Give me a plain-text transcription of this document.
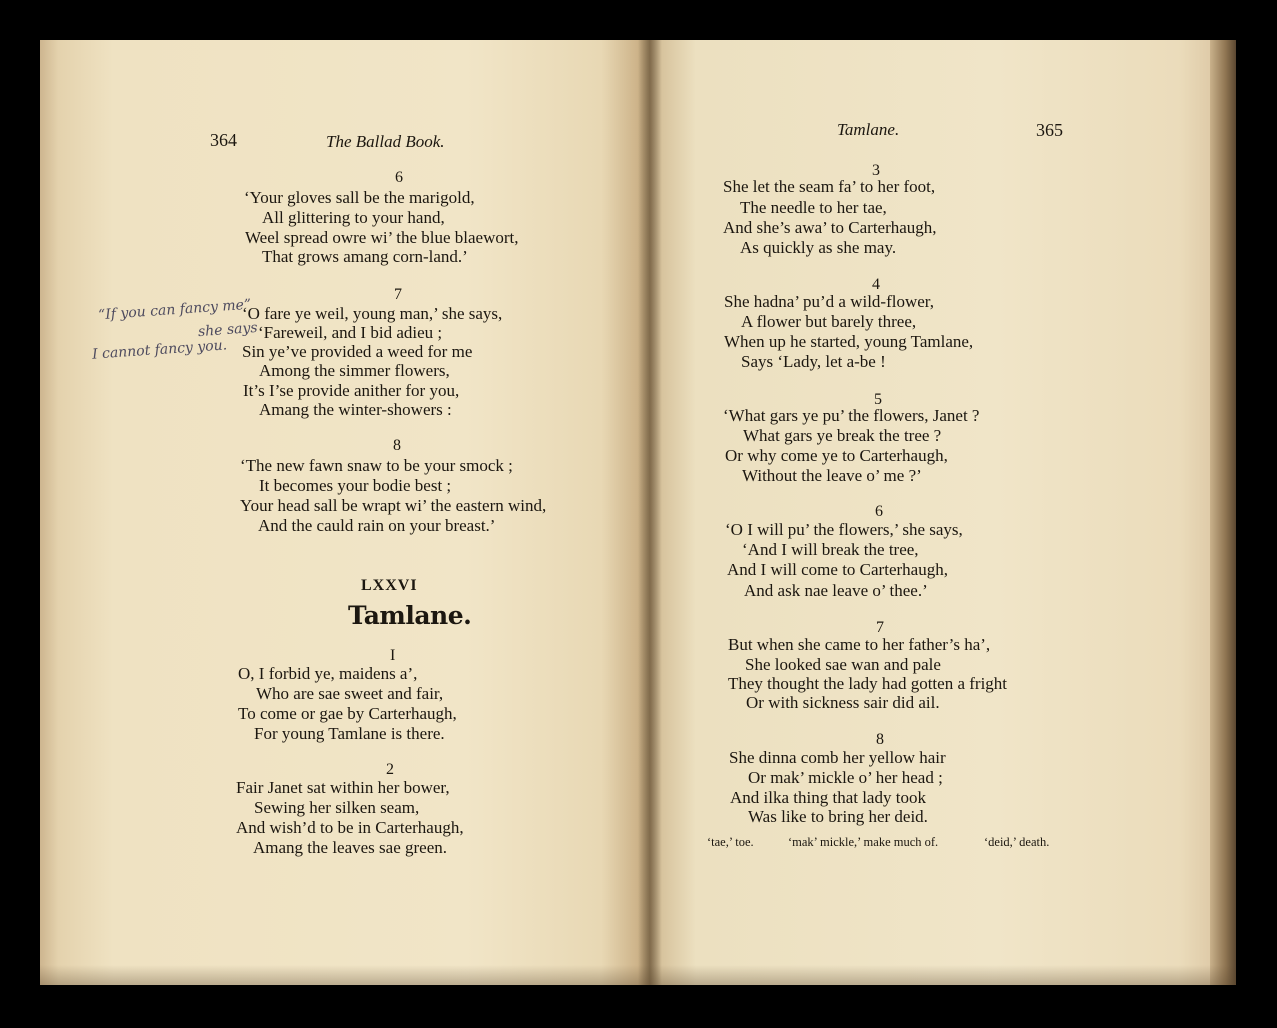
364	The Ballad Book.
6
‘Your gloves sall be the marigold,
All glittering to your hand,
Weel spread owre wi’ the blue blaewort,
That grows amang corn-land.’
7
‘O fare ye weil, young man,’ she says,
‘Fareweil, and I bid adieu ;
Sin ye’ve provided a weed for me
Among the simmer flowers,
It’s I’se provide anither for you,
Amang the winter-showers :
8
‘The new fawn snaw to be your smock ;
It becomes your bodie best ;
Your head sall be wrapt wi’ the eastern wind,
And the cauld rain on your breast.’
LXXVI
Tamlane.
I
O, I forbid ye, maidens a’,
Who are sae sweet and fair,
To come or gae by Carterhaugh,
For young Tamlane is there.
2
Fair Janet sat within her bower,
Sewing her silken seam,
And wish’d to be in Carterhaugh,
Amang the leaves sae green.
“If you can fancy me”
she says
I cannot fancy you.
Tamlane.	365
3
She let the seam fa’ to her foot,
The needle to her tae,
And she’s awa’ to Carterhaugh,
As quickly as she may.
4
She hadna’ pu’d a wild-flower,
A flower but barely three,
When up he started, young Tamlane,
Says ‘Lady, let a-be !
5
‘What gars ye pu’ the flowers, Janet ?
What gars ye break the tree ?
Or why come ye to Carterhaugh,
Without the leave o’ me ?’
6
‘O I will pu’ the flowers,’ she says,
‘And I will break the tree,
And I will come to Carterhaugh,
And ask nae leave o’ thee.’
7
But when she came to her father’s ha’,
She looked sae wan and pale
They thought the lady had gotten a fright
Or with sickness sair did ail.
8
She dinna comb her yellow hair
Or mak’ mickle o’ her head ;
And ilka thing that lady took
Was like to bring her deid.
‘tae,’ toe.	‘mak’ mickle,’ make much of.	‘deid,’ death.
